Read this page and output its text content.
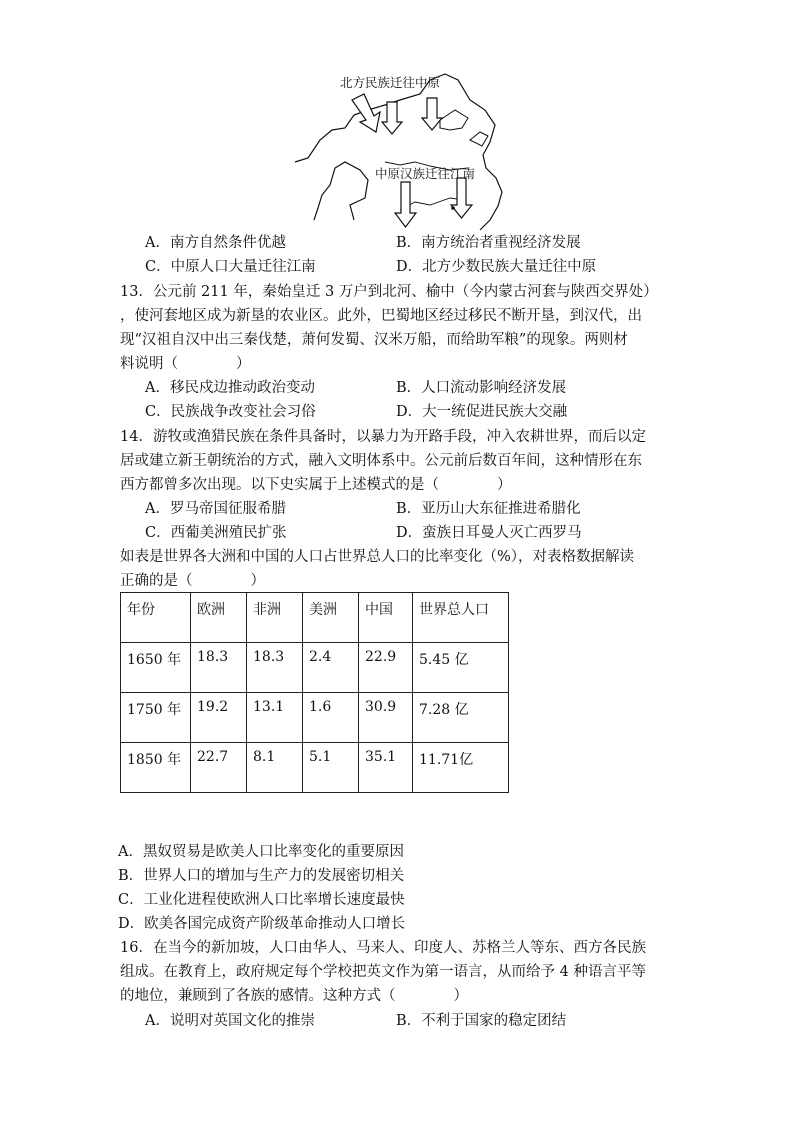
北方民族迁往中原
中原汉族迁往江南
A．南方自然条件优越	B．南方统治者重视经济发展
C．中原人口大量迁往江南	D．北方少数民族大量迁往中原
13．公元前 211 年，秦始皇迁 3 万户到北河、榆中（今内蒙古河套与陕西交界处）
，使河套地区成为新垦的农业区。此外，巴蜀地区经过移民不断开垦，到汉代，出
现“汉祖自汉中出三秦伐楚，萧何发蜀、汉米万船，而给助军粮”的现象。两则材
料说明（　　　　）
A．移民戍边推动政治变动	B．人口流动影响经济发展
C．民族战争改变社会习俗	D．大一统促进民族大交融
14．游牧或渔猎民族在条件具备时，以暴力为开路手段，冲入农耕世界，而后以定
居或建立新王朝统治的方式，融入文明体系中。公元前后数百年间，这种情形在东
西方都曾多次出现。以下史实属于上述模式的是（　　　　）
A．罗马帝国征服希腊	B．亚历山大东征推进希腊化
C．西葡美洲殖民扩张	D．蛮族日耳曼人灭亡西罗马
如表是世界各大洲和中国的人口占世界总人口的比率变化（%），对表格数据解读
正确的是（　　　　）
年份	欧洲	非洲	美洲	中国	世界总人口
1650 年	18.3	18.3	2.4	22.9	5.45 亿
1750 年	19.2	13.1	1.6	30.9	7.28 亿
1850 年	22.7	8.1	5.1	35.1	11.71亿
A．黑奴贸易是欧美人口比率变化的重要原因
B．世界人口的增加与生产力的发展密切相关
C．工业化进程使欧洲人口比率增长速度最快
D．欧美各国完成资产阶级革命推动人口增长
16．在当今的新加坡，人口由华人、马来人、印度人、苏格兰人等东、西方各民族
组成。在教育上，政府规定每个学校把英文作为第一语言，从而给予 4 种语言平等
的地位，兼顾到了各族的感情。这种方式（　　　　）
A．说明对英国文化的推崇	B．不利于国家的稳定团结
